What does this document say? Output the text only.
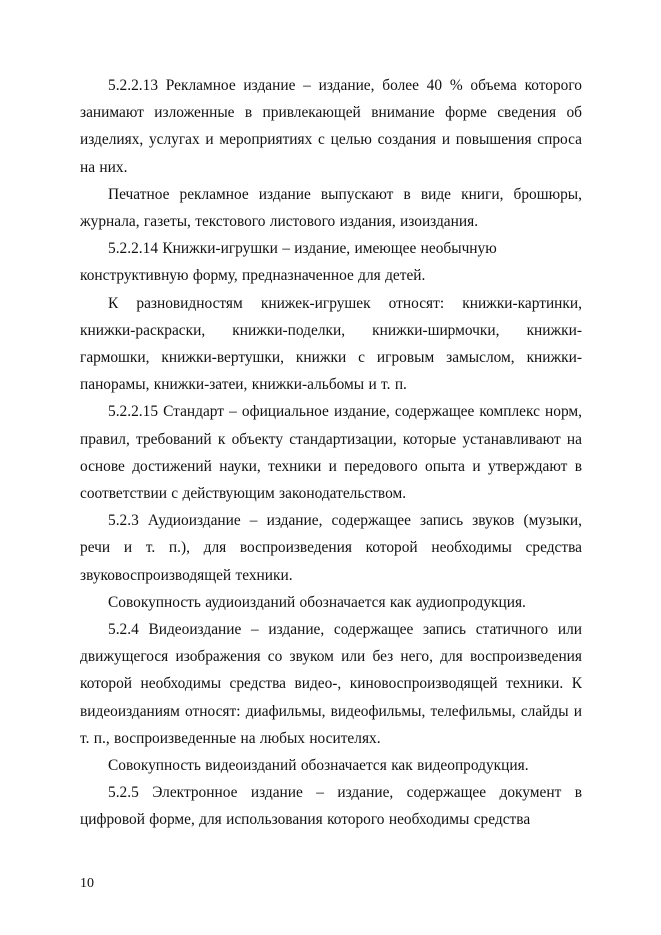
5.2.2.13 Рекламное издание – издание, более 40 % объема которого занимают изложенные в привлекающей внимание форме сведения об изделиях, услугах и мероприятиях с целью создания и повышения спроса на них.

Печатное рекламное издание выпускают в виде книги, брошюры, журнала, газеты, текстового листового издания, изоиздания.

5.2.2.14 Книжки-игрушки – издание, имеющее необычную конструктивную форму, предназначенное для детей.

К разновидностям книжек-игрушек относят: книжки-картинки, книжки-раскраски, книжки-поделки, книжки-ширмочки, книжки-гармошки, книжки-вертушки, книжки с игровым замыслом, книжки-панорамы, книжки-затеи, книжки-альбомы и т. п.

5.2.2.15 Стандарт – официальное издание, содержащее комплекс норм, правил, требований к объекту стандартизации, которые устанавливают на основе достижений науки, техники и передового опыта и утверждают в соответствии с действующим законодательством.

5.2.3 Аудиоиздание – издание, содержащее запись звуков (музыки, речи и т. п.), для воспроизведения которой необходимы средства звуковоспроизводящей техники.

Совокупность аудиоизданий обозначается как аудиопродукция.

5.2.4 Видеоиздание – издание, содержащее запись статичного или движущегося изображения со звуком или без него, для воспроизведения которой необходимы средства видео-, киновоспроизводящей техники. К видеоизданиям относят: диафильмы, видеофильмы, телефильмы, слайды и т. п., воспроизведенные на любых носителях.

Совокупность видеоизданий обозначается как видеопродукция.

5.2.5 Электронное издание – издание, содержащее документ в цифровой форме, для использования которого необходимы средства

10
